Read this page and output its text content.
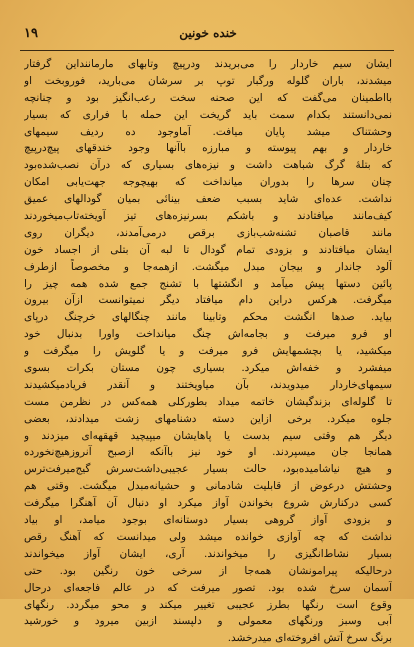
۱۹	خنده خونین
ایشان سیم خاردار را می‌بریدند ودرپیچ وتابهای مارماننداین گرفتار
میشدند، باران گلوله ورگبار توپ بر سرشان می‌بارید، فوروبخت او
بااطمینان می‌گفت که این صحنه سخت رعب‌انگیز بود و چنانچه
نمی‌دانستند بکدام سمت باید گریخت این حمله با فراری که بسیار
وحشتناک میشد پایان میافت. آماوجود ده ردیف سیمهای
خاردار و بهم پیوسته و مبارزه باآنها وجود خندقهای پیچ‌درپیچ
که بتلهٔ گرگ شباهت داشت و نیزه‌های بسیاری که درآن نصب‌شده‌بود
چنان سرها را بدوران میانداخت که بهیچوجه جهت‌یابی امکان
نداشت. عده‌ای شاید بسبب ضعف بینائی بمیان گودالهای عمیق
کیف‌مانند میافتادند و باشکم بسرنیزه‌های تیز آویخته‌تاب‌میخوردند
مانند قاصبان تشنه‌شب‌بازی برقص درمی‌آمدند، دیگران روی
ایشان میافتادند و بزودی تمام گودال تا لبه آن بتلی از اجساد خون
آلود جاندار و بیجان مبدل میگشت. ازهمه‌جا و مخصوصاً ازطرف
پائین دستها پیش میآمد و انگشتها با تشنج جمع شده همه چیز را
میگرفت. هرکس دراین دام میافتاد دیگر نمیتوانست ازآن بیرون
بیاید. صدها انگشت محکم وتابینا مانند چنگالهای خرچنگ درپای
او فرو میرفت و بجامه‌اش چنگ میانداخت واورا بدنبال خود
میکشید، یا بچشمهایش فرو میرفت و یا گلویش را میگرفت و
میفشرد و خفه‌اش میکرد. بسیاری چون مستان بکرات بسوی
سیمهای‌خاردار میدویدند، بآن میاویختند و آنقدر فریادمیکشیدند
تا گلوله‌ای بزندگیشان خاتمه میداد بطورکلی همه‌کس در نظر‌من مست
جلوه میکرد. برخی ازاین دسته دشنامهای زشت میدادند، بعضی
دیگر هم وقتی سیم بدست یا پاهایشان میپیچید قهقهه‌ای میزدند و
همانجا جان میسپردند. او خود نیز باآنکه ازصبح آنروزهیچ‌نخورده
و هیچ نیاشامیده‌بود، حالت بسیار عجیبی‌داشت‌سرش گیج‌میرفت‌ترس
وحشتش درعوض از قابلیت شادمانی و حشیانه‌مبدل میگشت. وقتی هم
کسی درکنارش شروع بخواندن آواز میکرد او دنبال آن آهنگرا میگرفت
و بزودی آواز گروهی بسیار دوستانه‌ای بوجود میامد، او بیاد
نداشت که چه آوازی خوانده میشد ولی میدانست که آهنگ رقص
بسیار نشاط‌انگیزی را میخواندند. آری، ایشان آواز میخواندند
درحالیکه پیرامونشان همه‌جا از سرخی خون رنگین بود. حتی
آسمان سرخ شده بود. تصور میرفت که در عالم فاجعه‌ای درحال
وقوع است رنگها بطرز عجیبی تغییر میکند و محو میگردد. رنگهای
آبی وسبز ورنگهای معمولی و دلپسند ازبین میرود و خورشید
برنگ سرخ آتش افروخته‌ای میدرخشد.
